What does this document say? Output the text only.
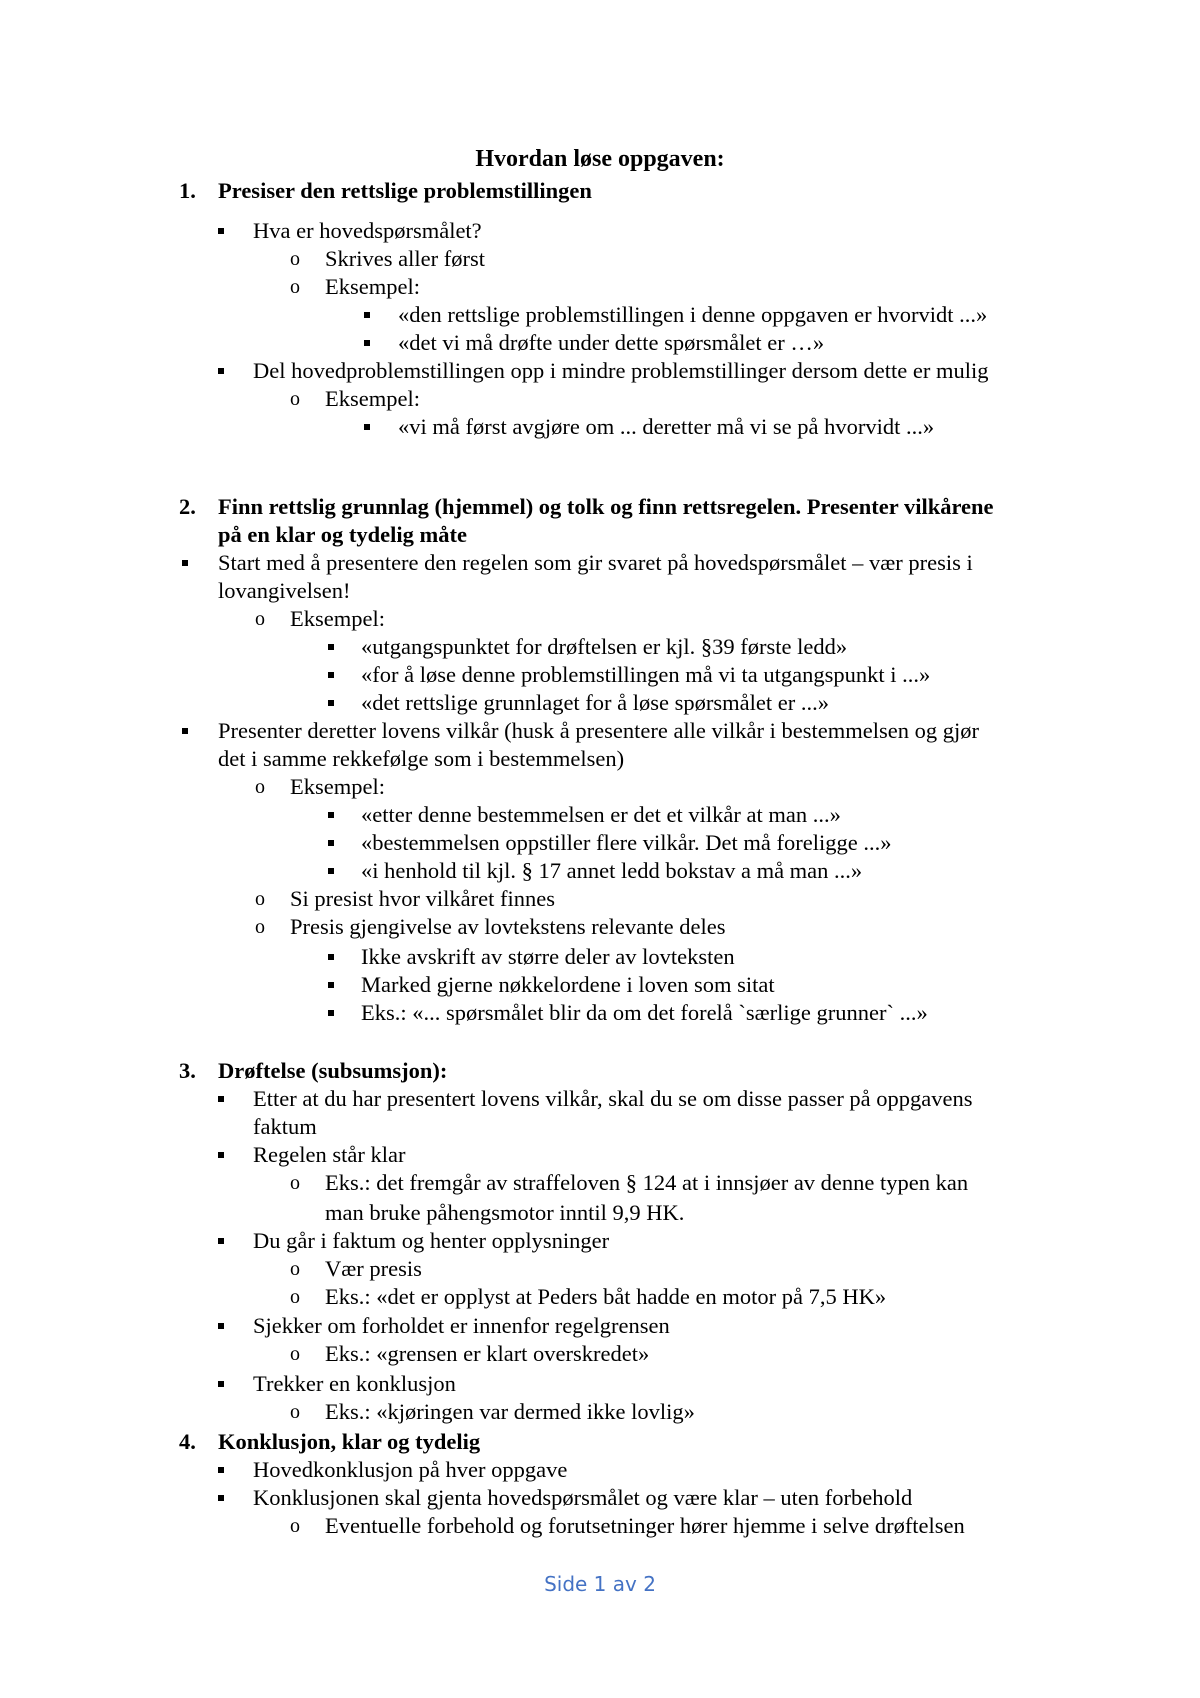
Hvordan løse oppgaven:
1. Presiser den rettslige problemstillingen
Hva er hovedspørsmålet?
o	Skrives aller først
o	Eksempel:
«den rettslige problemstillingen i denne oppgaven er hvorvidt ...»
«det vi må drøfte under dette spørsmålet er …»
Del hovedproblemstillingen opp i mindre problemstillinger dersom dette er mulig
o	Eksempel:
«vi må først avgjøre om ... deretter må vi se på hvorvidt ...»
2. Finn rettslig grunnlag (hjemmel) og tolk og finn rettsregelen. Presenter vilkårene
på en klar og tydelig måte
Start med å presentere den regelen som gir svaret på hovedspørsmålet – vær presis i
lovangivelsen!
o	Eksempel:
«utgangspunktet for drøftelsen er kjl. §39 første ledd»
«for å løse denne problemstillingen må vi ta utgangspunkt i ...»
«det rettslige grunnlaget for å løse spørsmålet er ...»
Presenter deretter lovens vilkår (husk å presentere alle vilkår i bestemmelsen og gjør
det i samme rekkefølge som i bestemmelsen)
o	Eksempel:
«etter denne bestemmelsen er det et vilkår at man ...»
«bestemmelsen oppstiller flere vilkår. Det må foreligge ...»
«i henhold til kjl. § 17 annet ledd bokstav a må man ...»
o	Si presist hvor vilkåret finnes
o	Presis gjengivelse av lovtekstens relevante deles
Ikke avskrift av større deler av lovteksten
Marked gjerne nøkkelordene i loven som sitat
Eks.: «... spørsmålet blir da om det forelå `særlige grunner` ...»
3. Drøftelse (subsumsjon):
Etter at du har presentert lovens vilkår, skal du se om disse passer på oppgavens
faktum
Regelen står klar
o	Eks.: det fremgår av straffeloven § 124 at i innsjøer av denne typen kan
man bruke påhengsmotor inntil 9,9 HK.
Du går i faktum og henter opplysninger
o	Vær presis
o	Eks.: «det er opplyst at Peders båt hadde en motor på 7,5 HK»
Sjekker om forholdet er innenfor regelgrensen
o	Eks.: «grensen er klart overskredet»
Trekker en konklusjon
o	Eks.: «kjøringen var dermed ikke lovlig»
4. Konklusjon, klar og tydelig
Hovedkonklusjon på hver oppgave
Konklusjonen skal gjenta hovedspørsmålet og være klar – uten forbehold
o	Eventuelle forbehold og forutsetninger hører hjemme i selve drøftelsen
Side 1 av 2
